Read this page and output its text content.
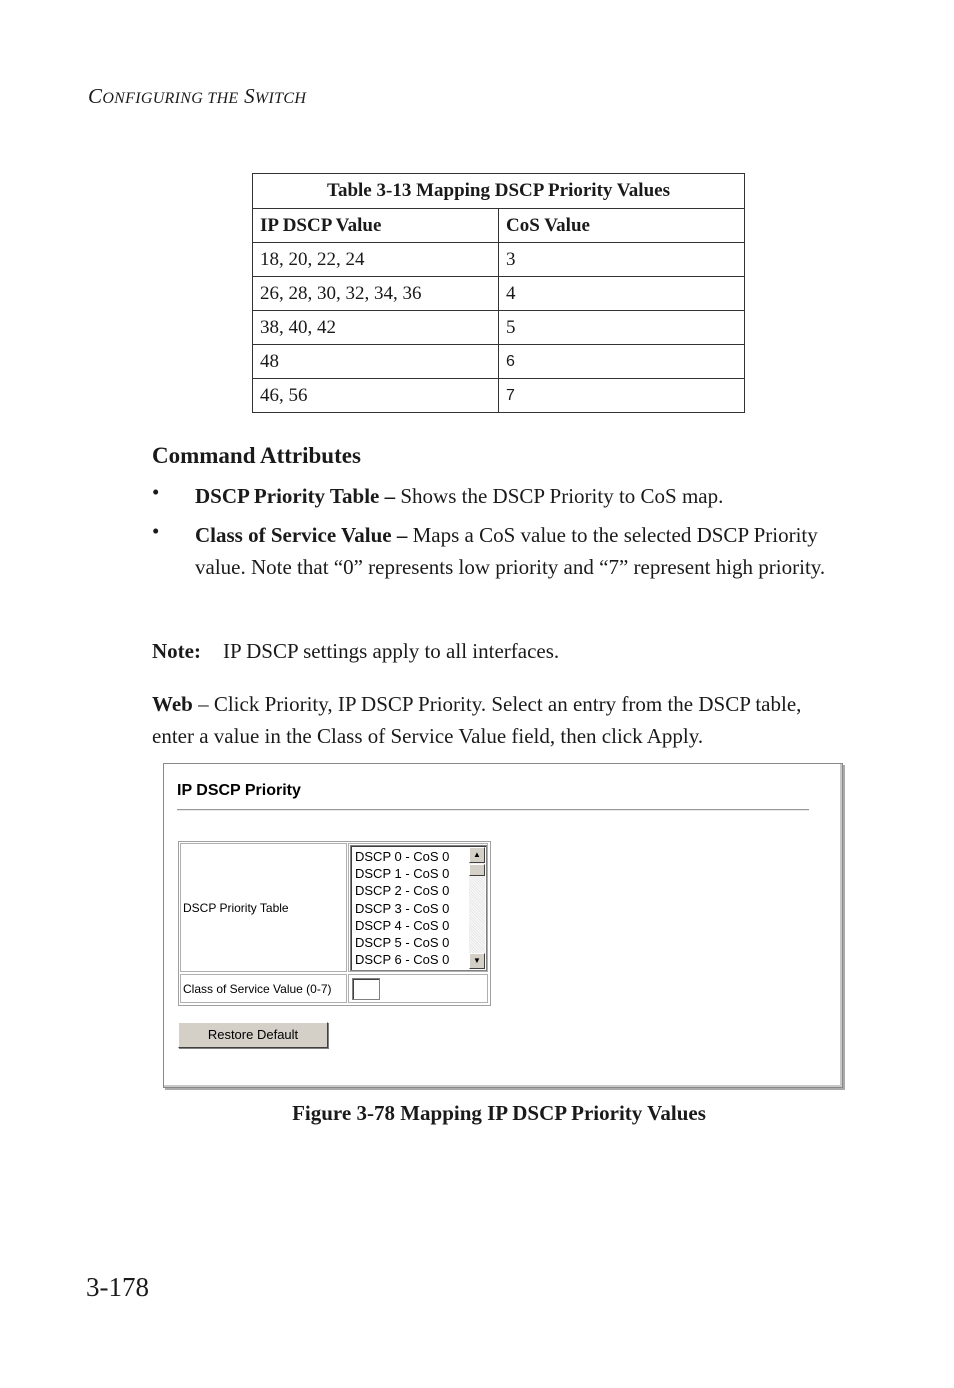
CONFIGURING THE SWITCH
Table 3-13 Mapping DSCP Priority Values	
IP DSCP Value	CoS Value
18, 20, 22, 24	3
26, 28, 30, 32, 34, 36	4
38, 40, 42	5
48	6
46, 56	7
Command Attributes
• DSCP Priority Table – Shows the DSCP Priority to CoS map.
• Class of Service Value – Maps a CoS value to the selected DSCP Priority value. Note that “0” represents low priority and “7” represent high priority.
Note: IP DSCP settings apply to all interfaces.
Web – Click Priority, IP DSCP Priority. Select an entry from the DSCP table, enter a value in the Class of Service Value field, then click Apply.
IP DSCP Priority
DSCP Priority Table
DSCP 0 - CoS 0
DSCP 1 - CoS 0
DSCP 2 - CoS 0
DSCP 3 - CoS 0
DSCP 4 - CoS 0
DSCP 5 - CoS 0
DSCP 6 - CoS 0
▲
▼
Class of Service Value (0-7)
Restore Default
Figure 3-78 Mapping IP DSCP Priority Values
3-178
